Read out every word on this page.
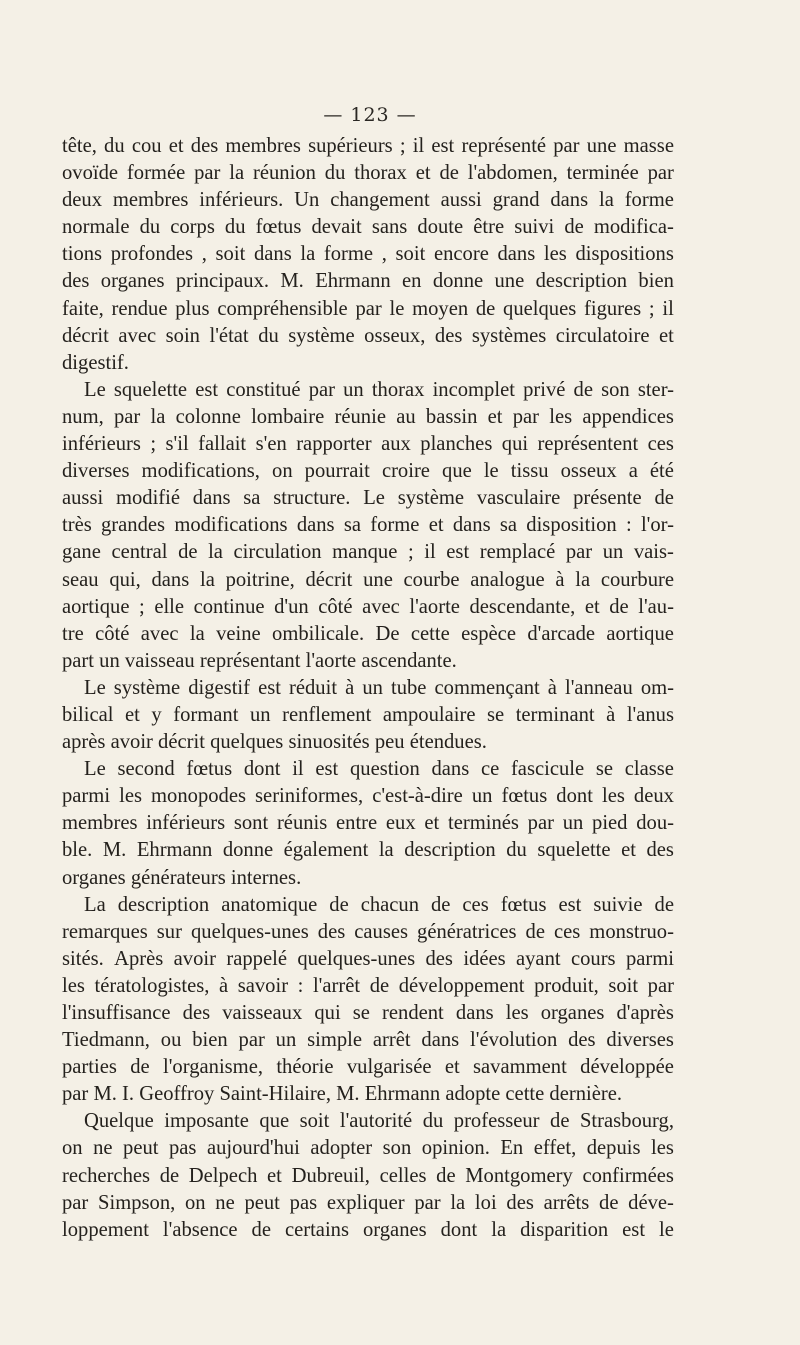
— 123 —
tête, du cou et des membres supérieurs ; il est représenté par une masse
ovoïde formée par la réunion du thorax et de l'abdomen, terminée par
deux membres inférieurs. Un changement aussi grand dans la forme
normale du corps du fœtus devait sans doute être suivi de modifica-
tions profondes , soit dans la forme , soit encore dans les dispositions
des organes principaux. M. Ehrmann en donne une description bien
faite, rendue plus compréhensible par le moyen de quelques figures ; il
décrit avec soin l'état du système osseux, des systèmes circulatoire et
digestif.
Le squelette est constitué par un thorax incomplet privé de son ster-
num, par la colonne lombaire réunie au bassin et par les appendices
inférieurs ; s'il fallait s'en rapporter aux planches qui représentent ces
diverses modifications, on pourrait croire que le tissu osseux a été
aussi modifié dans sa structure. Le système vasculaire présente de
très grandes modifications dans sa forme et dans sa disposition : l'or-
gane central de la circulation manque ; il est remplacé par un vais-
seau qui, dans la poitrine, décrit une courbe analogue à la courbure
aortique ; elle continue d'un côté avec l'aorte descendante, et de l'au-
tre côté avec la veine ombilicale. De cette espèce d'arcade aortique
part un vaisseau représentant l'aorte ascendante.
Le système digestif est réduit à un tube commençant à l'anneau om-
bilical et y formant un renflement ampoulaire se terminant à l'anus
après avoir décrit quelques sinuosités peu étendues.
Le second fœtus dont il est question dans ce fascicule se classe
parmi les monopodes seriniformes, c'est-à-dire un fœtus dont les deux
membres inférieurs sont réunis entre eux et terminés par un pied dou-
ble. M. Ehrmann donne également la description du squelette et des
organes générateurs internes.
La description anatomique de chacun de ces fœtus est suivie de
remarques sur quelques-unes des causes génératrices de ces monstruo-
sités. Après avoir rappelé quelques-unes des idées ayant cours parmi
les tératologistes, à savoir : l'arrêt de développement produit, soit par
l'insuffisance des vaisseaux qui se rendent dans les organes d'après
Tiedmann, ou bien par un simple arrêt dans l'évolution des diverses
parties de l'organisme, théorie vulgarisée et savamment développée
par M. I. Geoffroy Saint-Hilaire, M. Ehrmann adopte cette dernière.
Quelque imposante que soit l'autorité du professeur de Strasbourg,
on ne peut pas aujourd'hui adopter son opinion. En effet, depuis les
recherches de Delpech et Dubreuil, celles de Montgomery confirmées
par Simpson, on ne peut pas expliquer par la loi des arrêts de déve-
loppement l'absence de certains organes dont la disparition est le
